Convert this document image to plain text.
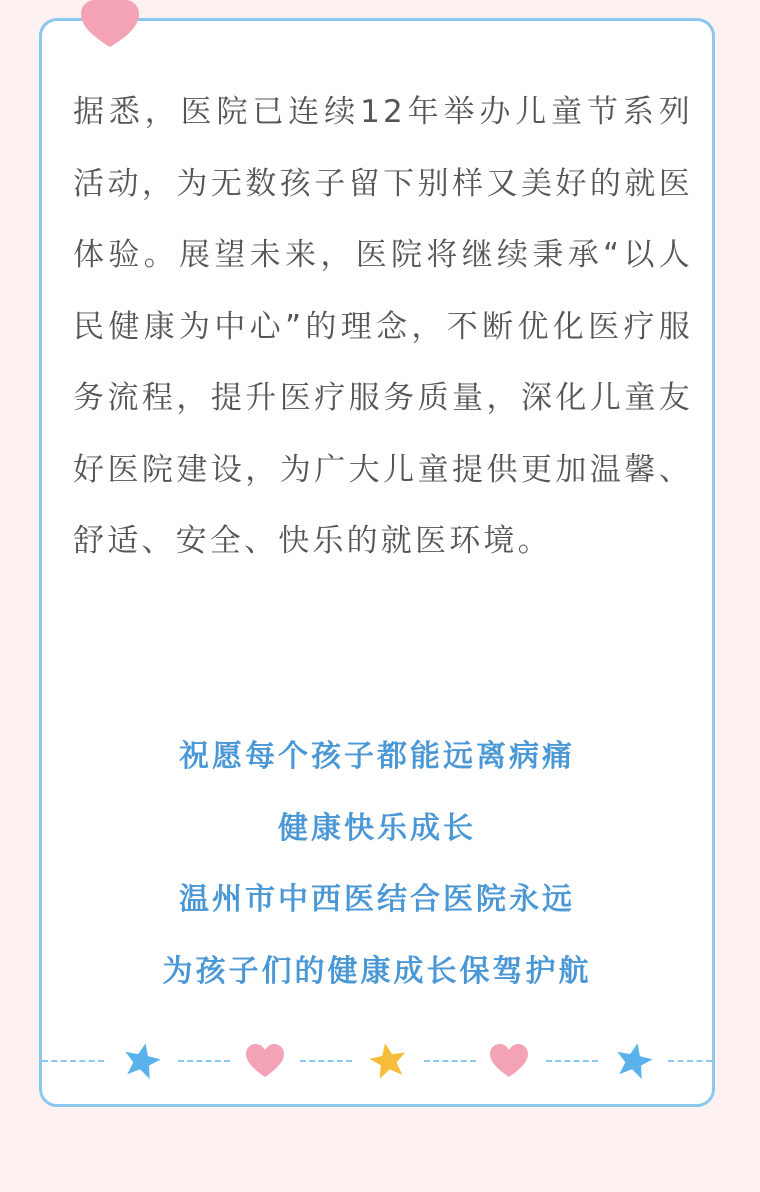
据悉，医院已连续12年举办儿童节系列活动，为无数孩子留下别样又美好的就医体验。展望未来，医院将继续秉承“以人民健康为中心”的理念，不断优化医疗服务流程，提升医疗服务质量，深化儿童友好医院建设，为广大儿童提供更加温馨、舒适、安全、快乐的就医环境。

祝愿每个孩子都能远离病痛
健康快乐成长
温州市中西医结合医院永远
为孩子们的健康成长保驾护航
